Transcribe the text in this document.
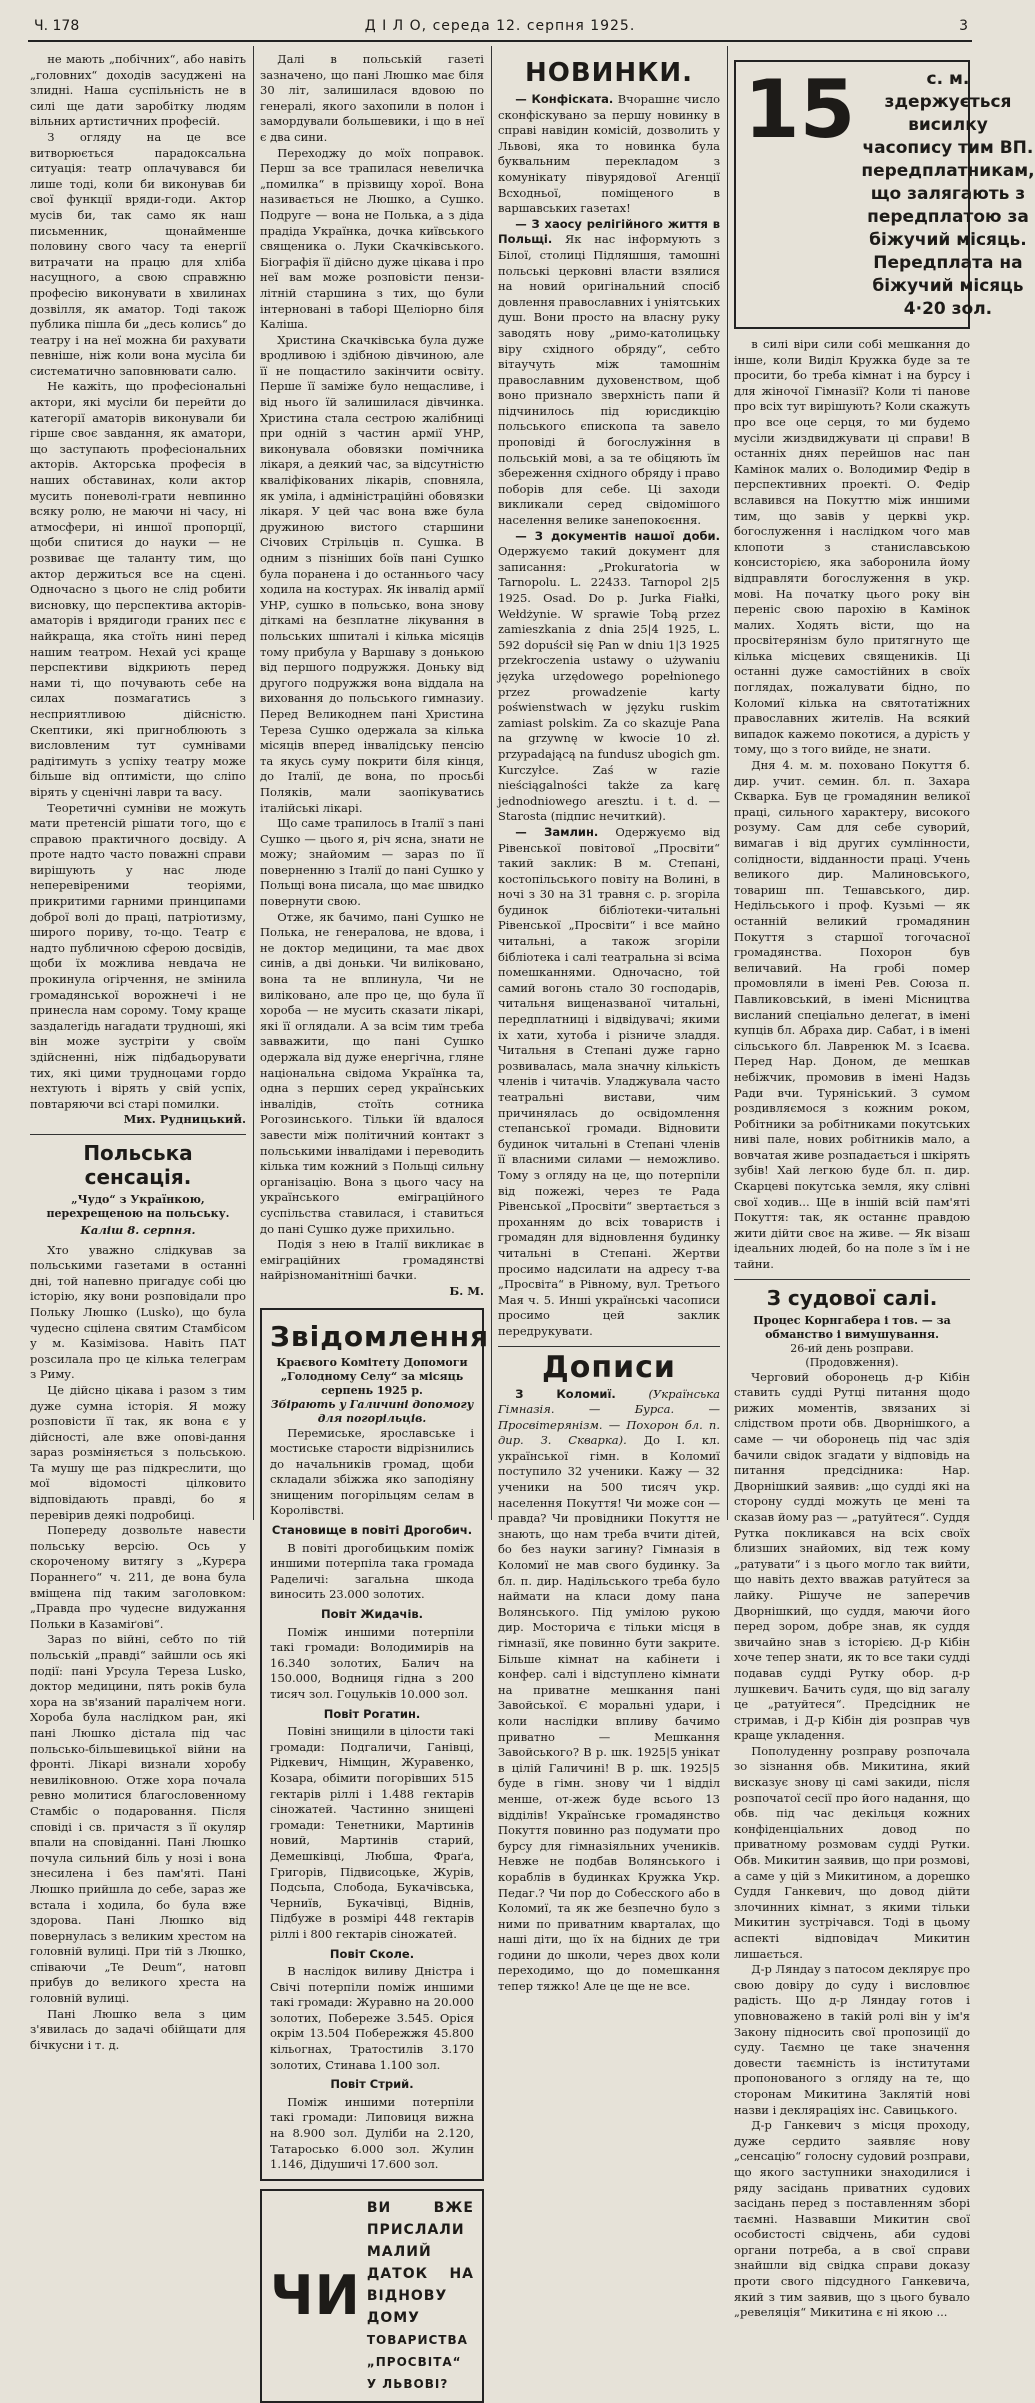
Ч. 178	Д І Л О, середа 12. серпня 1925.	3

не мають „побічних“, або навіть „головних“ доходів засуджені на злидні. Наша суспільність не в силі ще дати заробітку людям вільних артистичних професій.

З огляду на це все витворюється парадоксальна ситуація: театр оплачувався би лише тоді, коли би виконував би свої функції вряди-годи. Актор мусів би, так само як наш письменник, щонайменше половину свого часу та енергії витрачати на працю для хліба насущного, а свою справжню професію виконувати в хвилинах дозвілля, як аматор. Тоді також публика пішла би „десь колись“ до театру і на неї можна би рахувати певніше, ніж коли вона мусіла би систематично заповнювати салю.

Не кажіть, що професіональні актори, які мусіли би перейти до категорії аматорів виконували би гірше своє завдання, як аматори, що заступають професіональних акторів. Акторська професія в наших обставинах, коли актор мусить поневолі-грати невпинно всяку ролю, не маючи ні часу, ні атмосфери, ні иншої пропорції, щоби спитися до науки — не розвиває ще таланту тим, що актор держиться все на сцені. Одночасно з цього не слід робити висновку, що перспектива акторів-аматорів і врядигоди граних пєс є найкраща, яка стоїть нині перед нашим театром. Нехай усі краще перспективи відкриють перед нами ті, що почувають себе на силах позмагатись з несприятливою дійсністю. Скептики, які пригноблюють з висловленим тут сумнівами радітимуть з успіху театру може більше від оптимісти, що сліпо вірять у сценічні лаври та васу.

Теоретичні сумніви не можуть мати претенсій рішати того, що є справою практичного досвіду. А проте надто часто поважні справи вирішують у нас люде неперевіреними теоріями, прикритими гарними принципами доброї волі до праці, патріотизму, широго пориву, то-що. Театр є надто публичною сферою досвідів, щоби їх можлива невдача не прокинула огірчення, не змінила громадянської ворожнечі і не принесла нам сорому. Тому краще заздалегідь нагадати трудноші, які він може зустріти у своїм здійсненні, ніж підбадьорувати тих, які цими трудноцами гордо нехтують і вірять у свій успіх, повтаряючи всі старі помилки.

Мих. Рудницький.
Польська сенсація.
„Чудо“ з Українкою, перехрещеною на польську.
Каліш 8. серпня.

Хто уважно слідкував за польськими газетами в останні дні, той напевно пригадує собі цю історію, яку вони розповідали про Польку Люшко (Lusko), що була чудесно сцілена святим Стамбісом у м. Казімізова. Навіть ПАТ розсилала про це кілька телеграм з Риму.

Це дійсно цікава і разом з тим дуже сумна історія. Я можу розповісти її так, як вона є у дійсності, але вже опові-дання зараз розміняється з польською. Та мушу ще раз підкреслити, що мої відомості цілковито відповідають правді, бо я перевірив деякі подробиці.

Попереду дозвольте навести польську версію. Ось у скороченому витягу з „Курєра Пораннего“ ч. 211, де вона була вміщена під таким заголовком: „Правда про чудесне видужання Польки в Казаміґові“.

Зараз по війні, себто по тій польській „правді“ зайшли ось які події: пані Урсула Тереза Lusko, доктор медицини, пять років була хора на зв'язаний паралічем ноги. Хороба була наслідком ран, які пані Люшко дістала під час польсько-більшевицької війни на фронті. Лікарі визнали хоробу невиліковною. Отже хора почала ревно молитися благословенному Стамбіс о подаровання. Після сповіді і св. причастя з її окуляр впали на сповіданні. Пані Люшко почула сильний біль у нозі і вона знесилена і без пам'яті. Пані Люшко прийшла до себе, зараз же встала і ходила, бо була вже здорова. Пані Люшко від повернулась з великим хрестом на головній вулиці. При тій з Люшко, співаючи „Te Deum“, натовп прибув до великого хреста на головній вулиці.

Пані Люшко вела з цим з'явилась до задачі обійщати для бічкусни і т. д.

Далі в польській газеті зазначено, що пані Люшко має біля 30 літ, залишилася вдовою по генералі, якого захопили в полон і замордували большевики, і що в неї є два сини.

Переходжу до моїх поправок. Перш за все трапилася невеличка „помилка“ в прізвищу хорої. Вона називається не Люшко, а Сушко. Подруге — вона не Полька, а з діда прадіда Українка, дочка київського священика о. Луки Скачківського. Біографія її дійсно дуже цікава і про неї вам може розповісти пензи-літній старшина з тих, що були інтерновані в таборі Щеліорно біля Каліша.

Христина Скачківська була дуже вродливою і здібною дівчиною, але її не пощастило закінчити освіту. Перше її заміже було нещасливе, і від нього їй залишилася дівчинка. Христина стала сестрою жалібниці при одній з частин армії УНР, виконувала обовязки помічника лікаря, а деякий час, за відсутністю кваліфікованих лікарів, сповняла, як уміла, і адміністраційні обовязки лікаря. У цей час вона вже була дружиною вистого старшини Січових Стрільців п. Сушка. В одним з пізніших боїв пані Сушко була поранена і до останнього часу ходила на костурах. Як інвалід армії УНР, сушко в польсько, вона знову діткамі на безплатне лікування в польських шпиталі і кілька місяців тому прибула у Варшаву з донькою від першого подружжя. Доньку від другого подружжя вона віддала на виховання до польського гимназиу. Перед Великоднем пані Христина Тереза Сушко одержала за кілька місяців вперед інвалідську пенсію та якусь суму покрити біля кінця, до Італії, де вона, по просьбі Поляків, мали заопікуватись італійські лікарі.

Що саме трапилось в Італії з пані Сушко — цього я, річ ясна, знати не можу; знайомим — зараз по її поверненню з Італії до пані Сушко у Польщі вона писала, що має швидко повернути свою.

Отже, як бачимо, пані Сушко не Полька, не генералова, не вдова, і не доктор медицини, та має двох синів, а дві доньки. Чи виліковано, вона та не вплинула, Чи не виліковано, але про це, що була її хороба — не мусить сказати лікарі, які її оглядали. А за всім тим треба завважити, що пані Сушко одержала від дуже енергічна, гляне національна свідома Українка та, одна з перших серед українських інвалідів, стоїть сотника Рогозинського. Тільки їй вдалося завести між політичний контакт з польськими інвалідами і переводить кілька тим кожний з Польщі сильну організацію. Вона з цього часу на українського еміграційного суспільства ставилася, і ставиться до пані Сушко дуже прихильно.

Подія з нею в Італії викликає в еміграційних громадянстві найрізноманітніші бачки.

Б. М.
Звідомлення
Краєвого Комітету Допомоги „Голодному Селу“ за місяць серпень 1925 р.
Збірають у Галичині допомогу для погорільців.

Перемиське, ярославське і мостиське старости відрізнились до начальників громад, щоби складали збіжжа яко заподіяну знищеним погорільцям селам в Королівстві.

Становище в повіті Дрогобич.

В повіті дрогобицьким поміж иншими потерпіла така громада Раделичі: загальна шкода виносить 23.000 золотих.

Повіт Жидачів.

Поміж иншими потерпіли такі громади: Володимирів на 16.340 золотих, Балич на 150.000, Водниця гідна з 200 тисяч зол. Гоцульків 10.000 зол.

Повіт Рогатин.

Повіні знищили в цілости такі громади: Подгаличи, Ганівці, Рідкевич, Німщин, Журавенко, Козара, обімити погорівших 515 гектарів ріллі і 1.488 гектарів сіножатей. Частинно знищені громади: Тенетники, Мартинів новий, Мартинів старий, Демешківці, Любша, Фраґа, Григорів, Підвисоцьке, Журів, Подсьпа, Слобода, Букачівська, Черниїв, Букачівці, Віднів, Підбуже в розмірі 448 гектарів ріллі і 800 гектарів сіножатей.

Повіт Сколе.

В наслідок виливу Дністра і Свічі потерпіли поміж иншими такі громади: Журавно на 20.000 золотих, Побереже 3.545. Оріся окрім 13.504 Побережжя 45.800 кільогнах, Тратостилів 3.170 золотих, Стинава 1.100 зол.

Повіт Стрий.

Поміж иншими потерпіли такі громади: Липовиця вижна на 8.900 зол. Дуліби на 2.120, Татаросько 6.000 зол. Жулин 1.146, Дідушичі 17.600 зол.

ЧИ
ВИ ВЖЕ ПРИСЛАЛИ МАЛИЙ
ДАТОК НА ВІДНОВУ ДОМУ
ТОВАРИСТВА „ПРОСВІТА“ У ЛЬВОВІ?
НОВИНКИ.

— Конфіската. Вчорашнє число сконфіскувано за першу новинку в справі навідин комісій, дозволить у Львові, яка то новинка була буквальним перекладом з комунікату півурядової Агенції Всходньої, поміщеного в варшавських газетах!

— З хаосу релігійного життя в Польщі. Як нас інформують з Білої, столиці Підляшшя, тамошні польські церковні власти взялися на новий оригінальний спосіб довлення православних і уніятських душ. Вони просто на власну руку заводять нову „римо-католицьку віру східного обряду“, себто вітаучуть між тамошнім православним духовенством, щоб воно признало зверхність папи й підчинилось під юрисдикцію польського єпископа та завело проповіді й богослужіння в польській мові, а за те обіцяють їм збереження східного обряду і право поборів для себе. Ці заходи викликали серед свідомішого населення велике занепокоєння.

— З документів нашої доби. Одержуємо такий документ для записання: „Prokuratoria w Tarnopolu. L. 22433. Tarnopol 2|5 1925. Osad. Do p. Jurka Fiałki, Wełdżynie. W sprawie Tobą przez zamieszkania z dnia 25|4 1925, L. 592 dopuścił się Pan w dniu 1|3 1925 przekroczenia ustawy o używaniu języka urzędowego popełnionego przez prowadzenie karty poświenstwach w języku ruskim zamiast polskim. Za co skazuje Pana na grzywnę w kwocie 10 zł. przypadającą na fundusz ubogich gm. Kurczyłce. Zaś w razie nieściągalności także za karę jednodniowego aresztu. i t. d. — Starosta (підпис нечиткий).

— Замлин. Одержуємо від Рівенської повітової „Просвіти“ такий заклик: В м. Степані, костопільського повіту на Волині, в ночі з 30 на 31 травня с. р. згоріла будинок бібліотеки-читальні Рівенської „Просвіти“ і все майно читальні, а також згоріли бібліотека і салі театральна зі всіма помешканнями. Одночасно, той самий вогонь стало 30 господарів, читальня вищеназваної читальні, передплатниці і відвідувачі; якими іх хати, хутоба і різниче зладдя. Читальня в Степані дуже гарно розвивалась, мала значну кількість членів і читачів. Уладжувала часто театральні вистави, чим причинялась до освідомлення степанської громади. Відновити будинок читальні в Степані членів її власними силами — неможливо. Тому з огляду на це, що потерпіли від пожежі, через те Рада Рівенської „Просвіти“ звертається з проханням до всіх товариств і громадян для відновлення будинку читальні в Степані. Жертви просимо надсилати на адресу т-ва „Просвіта“ в Рівному, вул. Третього Мая ч. 5. Инші українські часописи просимо цей заклик передрукувати.

Дописи

З Коломиї.	(Українська Гімназія. — Бурса. — Просвітерянізм. — Похорон бл. п. дир. З. Скварка). До І. кл. української гімн. в Коломиї поступило 32 ученики. Кажу — 32 ученики на 500 тисяч укр. населення Покуття! Чи може сон — правда? Чи провідники Покуття не знають, що нам треба вчити дітей, бо без науки загину? Гімназія в Коломиї не мав свого будинку. За бл. п. дир. Надільського треба було наймати на класи дому пана Волянського. Під умілою рукою дир. Мосторича є тільки місця в гімназії, яке повинно бути закрите. Більше кімнат на кабінети і конфер. салі і відступлено кімнати на приватне мешкання пані Завойської. Є моральні удари, і коли наслідки впливу бачимо приватно — Мешкання Завойського? В р. шк. 1925|5 унікат в цілій Галичині! В р. шк. 1925|5 буде в гімн. знову чи 1 відділ менше, от-жеж буде всього 13 відділів! Українське громадянство Покуття повинно раз подумати про бурсу для гімназіяльних учеників. Невже не подбав Волянського і кораблів в будинках Кружка Укр. Педаг.? Чи пор до Собесского або в Коломиї, та як же безпечно було з ними по приватним кварталах, що наші діти, що їх на бідних де три години до школи, через двох коли переходимо, що до помешкання тепер тяжко! Але це ще не все.

15	с. м. здержується висилку часопису тим ВП. передплатникам, що залягають з передплатою за біжучий місяць. Передплата на біжучий місяць 4·20 зол.

в силі віри сили собі мешкання до інше, коли Виділ Кружка буде за те просити, бо треба кімнат і на бурсу і для жіночої Гімназії? Коли ті панове про всіх тут вирішують? Коли скажуть про все оце серця, то ми будемо мусіли жиздвиджувати ці справи! В останніх днях перейшов нас пан Камінок малих о. Володимир Федір в перспективних проекті. О. Федір вславився на Покуттю між иншими тим, що завів у церкві укр. богослуження і наслідком чого мав клопоти з станиславською консисторією, яка заборонила йому відправляти богослуження в укр. мові. На початку цього року він переніс свою парохію в Камінок малих. Ходять вісти, що на просвітерянізм було притягнуто ще кілька місцевих священиків. Ці останні дуже самостійних в своїх поглядах, пожалувати бідно, по Коломиї кілька на святотатіжних православних жителів. На всякий випадок кажемо покотися, а дурість у тому, що з того вийде, не знати.

Дня 4. м. м. поховано Покуття б. дир. учит. семин. бл. п. Захара Скварка. Був це громадянин великої праці, сильного характеру, високого розуму. Сам для себе суворий, вимагав і від других сумлінности, солідности, відданности праці. Учень великого дир. Малиновського, товариш пп. Тешавського, дир. Недільського і проф. Кузьмі — як останній великий громадянин Покуття з старшої тогочасної громадянства. Похорон був величавий. На гробі помер промовляли в імені Рев. Союза п. Павликовський, в імені Місництва висланий спеціально делегат, в імені купців бл. Абраха дир. Сабат, і в імені сільського бл. Лавренюк М. з Ісаєва. Перед Нар. Доном, де мешкав небіжчик, промовив в імені Надзь Ради вчи. Туряніський. З сумом роздивляємося з кожним роком, Робітники за робітниками покутських ниві пале, нових робітників мало, а вовчатая живе розпадається і шкірять зубів! Хай легкою буде бл. п. дир. Скарцеві покутська земля, яку слівні свої ходив... Ще в іншій всій пам'яті Покуття: так, як останнє правдою жити дійти своє на живе. — Як візаш ідеальних людей, бо на поле з їм і не тайни.

З судової салі.
Процес Корнгабера і тов. — за обманство і вимушування.
26-ий день розправи.
(Продовження).

Черговий оборонець д-р Кібін ставить судді Рутці питання щодо рижих моментів, звязаних зі слідством проти обв. Дворнішкого, а саме — чи оборонець під час здія бачили свідок згадати у відповідь на питання предсідника: Нар. Дворнішкий заявив: „що судді які на сторону судді можуть це мені та сказав йому раз — „ратуйтеся“. Суддя Рутка покликався на всіх своїх близших знайомих, від теж кому „ратувати“ і з цього могло так вийти, що навіть дехто вважав ратуйтеся за лайку. Рішуче не заперечив Дворнішкий, що суддя, маючи його перед зором, добре знав, як суддя звичайно знав з історією. Д-р Кібін хоче тепер знати, як то все таки судді подавав судді Рутку обор. д-р лушкевич. Бачить судя, що від загалу це „ратуйтеся“. Предсідник не стримав, і Д-р Кібін дія розправ чув краще укладення.

Пополуденну розправу розпочала зо зізнання обв. Микитина, який висказує знову ці самі закиди, після розпочатої сесії про його надання, що обв. під час декільця кожних конфіденціальних довод по приватному розмовам судді Рутки. Обв. Микитин заявив, що при розмові, а саме у цій з Микитином, а дорешко Суддя Ганкевич, що довод дійти злочинних кімнат, з якими тільки Микитин зустрічався. Тоді в цьому аспекті відповідач Микитин лишається.

Д-р Ляндау з патосом деклярує про свою довіру до суду і висловлює радість. Що д-р Ляндау готов і уповноважено в такій ролі він у ім'я Закону підносить свої пропозиції до суду. Таємно це таке значення довести таємність із інститутами пропонованого з огляду на те, що сторонам Микитина Заклятій нові назви і декляраціях інс. Савицького.

Д-р Ганкевич з місця проходу, дуже сердито заявляє нову „сенсацію“ голосну судовий розправи, що якого заступники знаходилися і ряду засідань приватних судових засідань перед з поставленням зборі таємні. Назвавши Микитин свої особистості свідчень, аби судові органи потреба, а в свої справи знайшли від свідка справи доказу проти свого підсудного Ганкевича, який з тим заявив, що з цього бувало „ревеляція“ Микитина є ні якою ...
